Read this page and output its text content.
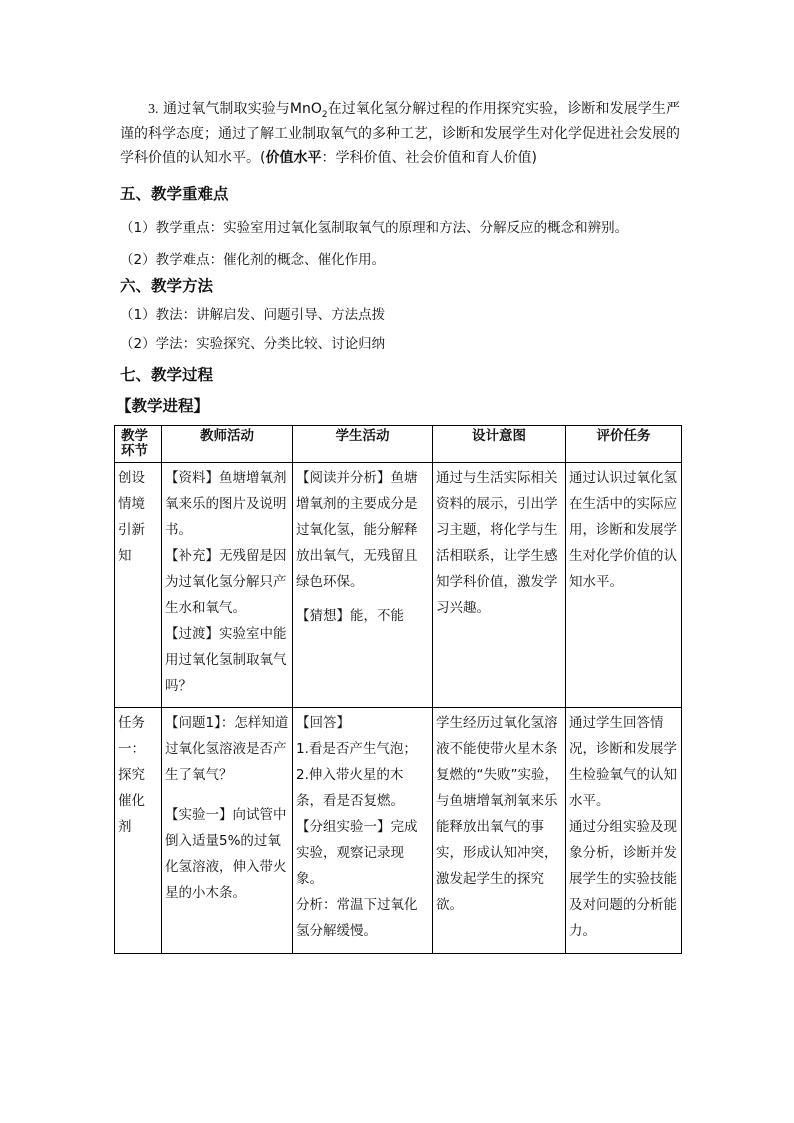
3. 通过氧气制取实验与MnO$_2$在过氧化氢分解过程的作用探究实验，诊断和发展学生严谨的科学态度；通过了解工业制取氧气的多种工艺，诊断和发展学生对化学促进社会发展的学科价值的认知水平。(价值水平：学科价值、社会价值和育人价值)
五、教学重难点
（1）教学重点：实验室用过氧化氢制取氧气的原理和方法、分解反应的概念和辨别。
（2）教学难点：催化剂的概念、催化作用。
六、教学方法
（1）教法：讲解启发、问题引导、方法点拨
（2）学法：实验探究、分类比较、讨论归纳
七、教学过程
【教学进程】
教学环节	教师活动	学生活动	设计意图	评价任务
创设情境引新知	【资料】鱼塘增氧剂氧来乐的图片及说明书。
【补充】无残留是因为过氧化氢分解只产生水和氧气。
【过渡】实验室中能用过氧化氢制取氧气吗？	【阅读并分析】鱼塘增氧剂的主要成分是过氧化氢，能分解释放出氧气，无残留且绿色环保。
【猜想】能，不能	通过与生活实际相关资料的展示，引出学习主题，将化学与生活相联系，让学生感知学科价值，激发学习兴趣。	通过认识过氧化氢在生活中的实际应用，诊断和发展学生对化学价值的认知水平。

任务一：探究催化剂	【问题1】：怎样知道过氧化氢溶液是否产生了氧气？
【实验一】向试管中倒入适量5%的过氧化氢溶液，伸入带火星的小木条。	【回答】
1.看是否产生气泡；
2.伸入带火星的木条，看是否复燃。
【分组实验一】完成实验，观察记录现象。
分析：常温下过氧化氢分解缓慢。	学生经历过氧化氢溶液不能使带火星木条复燃的“失败”实验，与鱼塘增氧剂氧来乐能释放出氧气的事实，形成认知冲突，激发起学生的探究欲。	通过学生回答情况，诊断和发展学生检验氧气的认知水平。
通过分组实验及现象分析，诊断并发展学生的实验技能及对问题的分析能力。
